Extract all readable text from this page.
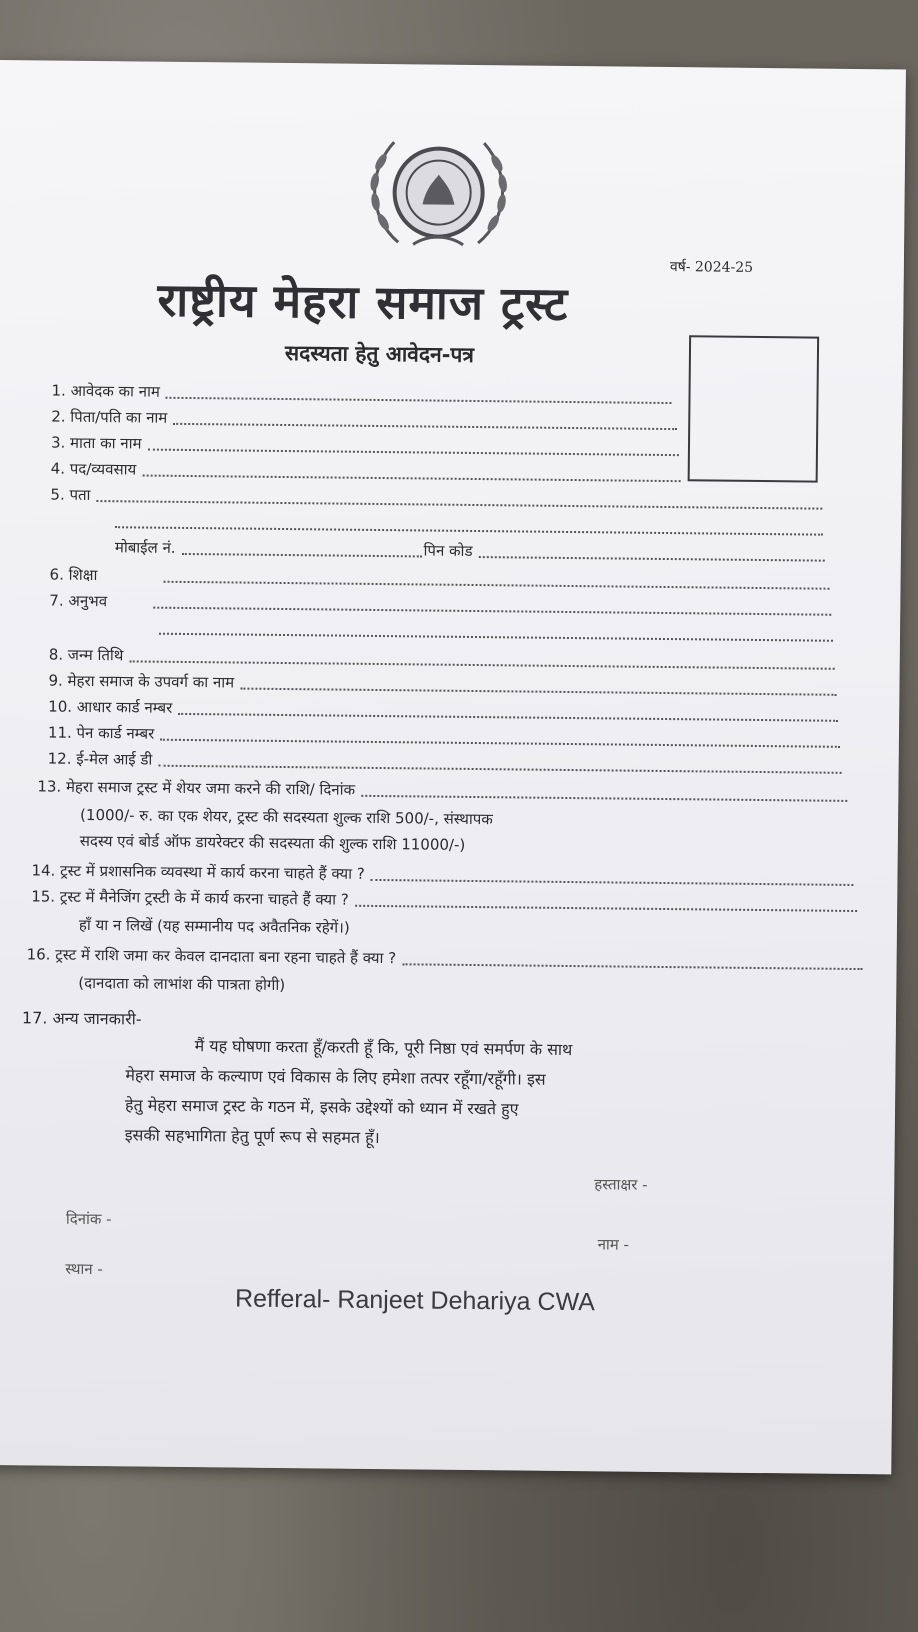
वर्ष- 2024-25
राष्ट्रीय मेहरा समाज ट्रस्ट
सदस्यता हेतु आवेदन-पत्र
1. आवेदक का नाम
2. पिता/पति का नाम
3. माता का नाम
4. पद/व्यवसाय
5. पता
मोबाईल नं.	पिन कोड
6. शिक्षा
7. अनुभव
8. जन्म तिथि
9. मेहरा समाज के उपवर्ग का नाम
10. आधार कार्ड नम्बर
11. पेन कार्ड नम्बर
12. ई-मेल आई डी
13. मेहरा समाज ट्रस्ट में शेयर जमा करने की राशि/ दिनांक
(1000/- रु. का एक शेयर, ट्रस्ट की सदस्यता शुल्क राशि 500/-, संस्थापक
सदस्य एवं बोर्ड ऑफ डायरेक्टर की सदस्यता की शुल्क राशि 11000/-)
14. ट्रस्ट में प्रशासनिक व्यवस्था में कार्य करना चाहते हैं क्या ?
15. ट्रस्ट में मैनेजिंग ट्रस्टी के में कार्य करना चाहते हैं क्या ?
हाँ या न लिखें (यह सम्मानीय पद अवैतनिक रहेगें।)
16. ट्रस्ट में राशि जमा कर केवल दानदाता बना रहना चाहते हैं क्या ?
(दानदाता को लाभांश की पात्रता होगी)
17. अन्य जानकारी-
मैं यह घोषणा करता हूँ/करती हूँ कि, पूरी निष्ठा एवं समर्पण के साथ
मेहरा समाज के कल्याण एवं विकास के लिए हमेशा तत्पर रहूँगा/रहूँगी। इस
हेतु मेहरा समाज ट्रस्ट के गठन में, इसके उद्देश्यों को ध्यान में रखते हुए
इसकी सहभागिता हेतु पूर्ण रूप से सहमत हूँ।
हस्ताक्षर -
दिनांक -
नाम -
स्थान -
Refferal- Ranjeet Dehariya CWA
